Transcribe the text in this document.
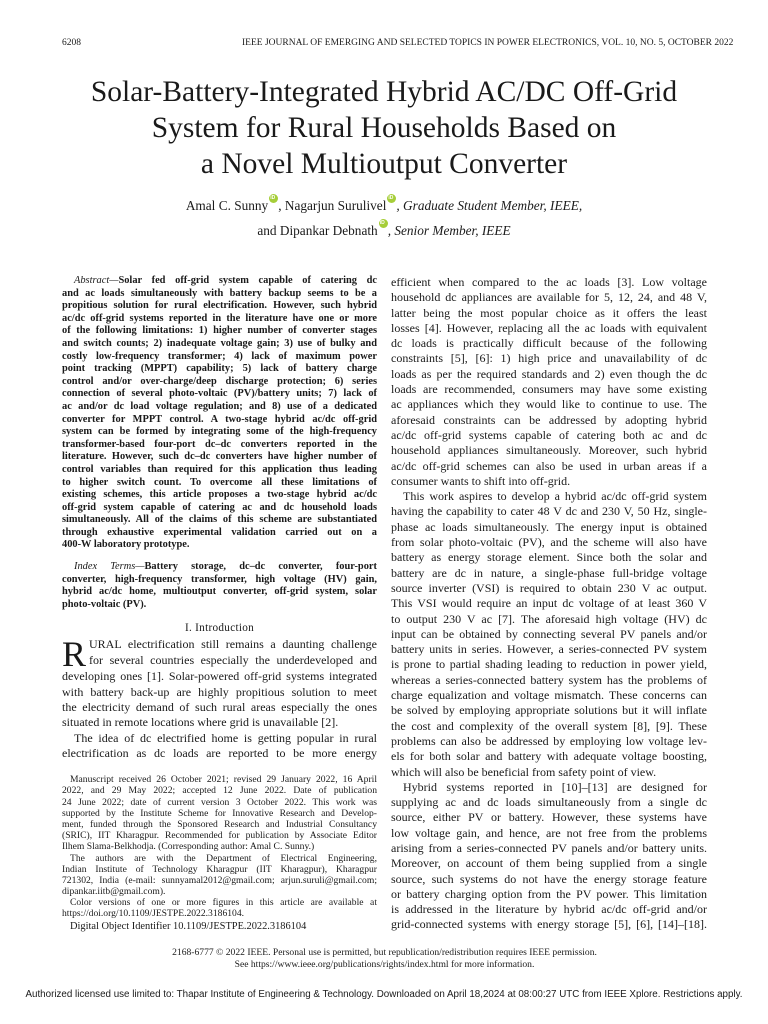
6208	IEEE JOURNAL OF EMERGING AND SELECTED TOPICS IN POWER ELECTRONICS, VOL. 10, NO. 5, OCTOBER 2022
Solar-Battery-Integrated Hybrid AC/DC Off-Grid
System for Rural Households Based on
a Novel Multioutput Converter
Amal C. Sunny iD , Nagarjun Surulivel iD , Graduate Student Member, IEEE,
and Dipankar Debnath iD , Senior Member, IEEE
Abstract—Solar fed off-grid system capable of catering dc
and ac loads simultaneously with battery backup seems to be a
propitious solution for rural electrification. However, such hybrid
ac/dc off-grid systems reported in the literature have one or more
of the following limitations: 1) higher number of converter stages
and switch counts; 2) inadequate voltage gain; 3) use of bulky and
costly low-frequency transformer; 4) lack of maximum power
point tracking (MPPT) capability; 5) lack of battery charge
control and/or over-charge/deep discharge protection; 6) series
connection of several photo-voltaic (PV)/battery units; 7) lack of
ac and/or dc load voltage regulation; and 8) use of a dedicated
converter for MPPT control. A two-stage hybrid ac/dc off-grid
system can be formed by integrating some of the high-frequency
transformer-based four-port dc–dc converters reported in the
literature. However, such dc–dc converters have higher number of
control variables than required for this application thus leading
to higher switch count. To overcome all these limitations of
existing schemes, this article proposes a two-stage hybrid ac/dc
off-grid system capable of catering ac and dc household loads
simultaneously. All of the claims of this scheme are substantiated
through exhaustive experimental validation carried out on a
400-W laboratory prototype.
Index Terms—Battery storage, dc–dc converter, four-port
converter, high-frequency transformer, high voltage (HV) gain,
hybrid ac/dc home, multioutput converter, off-grid system, solar
photo-voltaic (PV).
I. Introduction
R URAL electrification still remains a daunting challenge
for several countries especially the underdeveloped and
developing ones [1]. Solar-powered off-grid systems integrated
with battery back-up are highly propitious solution to meet
the electricity demand of such rural areas especially the ones
situated in remote locations where grid is unavailable [2].
The idea of dc electrified home is getting popular in rural
electrification as dc loads are reported to be more energy
Manuscript received 26 October 2021; revised 29 January 2022, 16 April
2022, and 29 May 2022; accepted 12 June 2022. Date of publication
24 June 2022; date of current version 3 October 2022. This work was
supported by the Institute Scheme for Innovative Research and Develop-
ment, funded through the Sponsored Research and Industrial Consultancy
(SRIC), IIT Kharagpur. Recommended for publication by Associate Editor
Ilhem Slama-Belkhodja. (Corresponding author: Amal C. Sunny.)
The authors are with the Department of Electrical Engineering,
Indian Institute of Technology Kharagpur (IIT Kharagpur), Kharagpur
721302, India (e-mail: sunnyamal2012@gmail.com; arjun.suruli@gmail.com;
dipankar.iitb@gmail.com).
Color versions of one or more figures in this article are available at
https://doi.org/10.1109/JESTPE.2022.3186104.
Digital Object Identifier 10.1109/JESTPE.2022.3186104
efficient when compared to the ac loads [3]. Low voltage
household dc appliances are available for 5, 12, 24, and 48 V,
latter being the most popular choice as it offers the least
losses [4]. However, replacing all the ac loads with equivalent
dc loads is practically difficult because of the following
constraints [5], [6]: 1) high price and unavailability of dc
loads as per the required standards and 2) even though the dc
loads are recommended, consumers may have some existing
ac appliances which they would like to continue to use. The
aforesaid constraints can be addressed by adopting hybrid
ac/dc off-grid systems capable of catering both ac and dc
household appliances simultaneously. Moreover, such hybrid
ac/dc off-grid schemes can also be used in urban areas if a
consumer wants to shift into off-grid.
This work aspires to develop a hybrid ac/dc off-grid system
having the capability to cater 48 V dc and 230 V, 50 Hz, single-
phase ac loads simultaneously. The energy input is obtained
from solar photo-voltaic (PV), and the scheme will also have
battery as energy storage element. Since both the solar and
battery are dc in nature, a single-phase full-bridge voltage
source inverter (VSI) is required to obtain 230 V ac output.
This VSI would require an input dc voltage of at least 360 V
to output 230 V ac [7]. The aforesaid high voltage (HV) dc
input can be obtained by connecting several PV panels and/or
battery units in series. However, a series-connected PV system
is prone to partial shading leading to reduction in power yield,
whereas a series-connected battery system has the problems of
charge equalization and voltage mismatch. These concerns can
be solved by employing appropriate solutions but it will inflate
the cost and complexity of the overall system [8], [9]. These
problems can also be addressed by employing low voltage lev-
els for both solar and battery with adequate voltage boosting,
which will also be beneficial from safety point of view.
Hybrid systems reported in [10]–[13] are designed for
supplying ac and dc loads simultaneously from a single dc
source, either PV or battery. However, these systems have
low voltage gain, and hence, are not free from the problems
arising from a series-connected PV panels and/or battery units.
Moreover, on account of them being supplied from a single
source, such systems do not have the energy storage feature
or battery charging option from the PV power. This limitation
is addressed in the literature by hybrid ac/dc off-grid and/or
grid-connected systems with energy storage [5], [6], [14]–[18].
2168-6777 © 2022 IEEE. Personal use is permitted, but republication/redistribution requires IEEE permission.
See https://www.ieee.org/publications/rights/index.html for more information.
Authorized licensed use limited to: Thapar Institute of Engineering & Technology. Downloaded on April 18,2024 at 08:00:27 UTC from IEEE Xplore. Restrictions apply.
